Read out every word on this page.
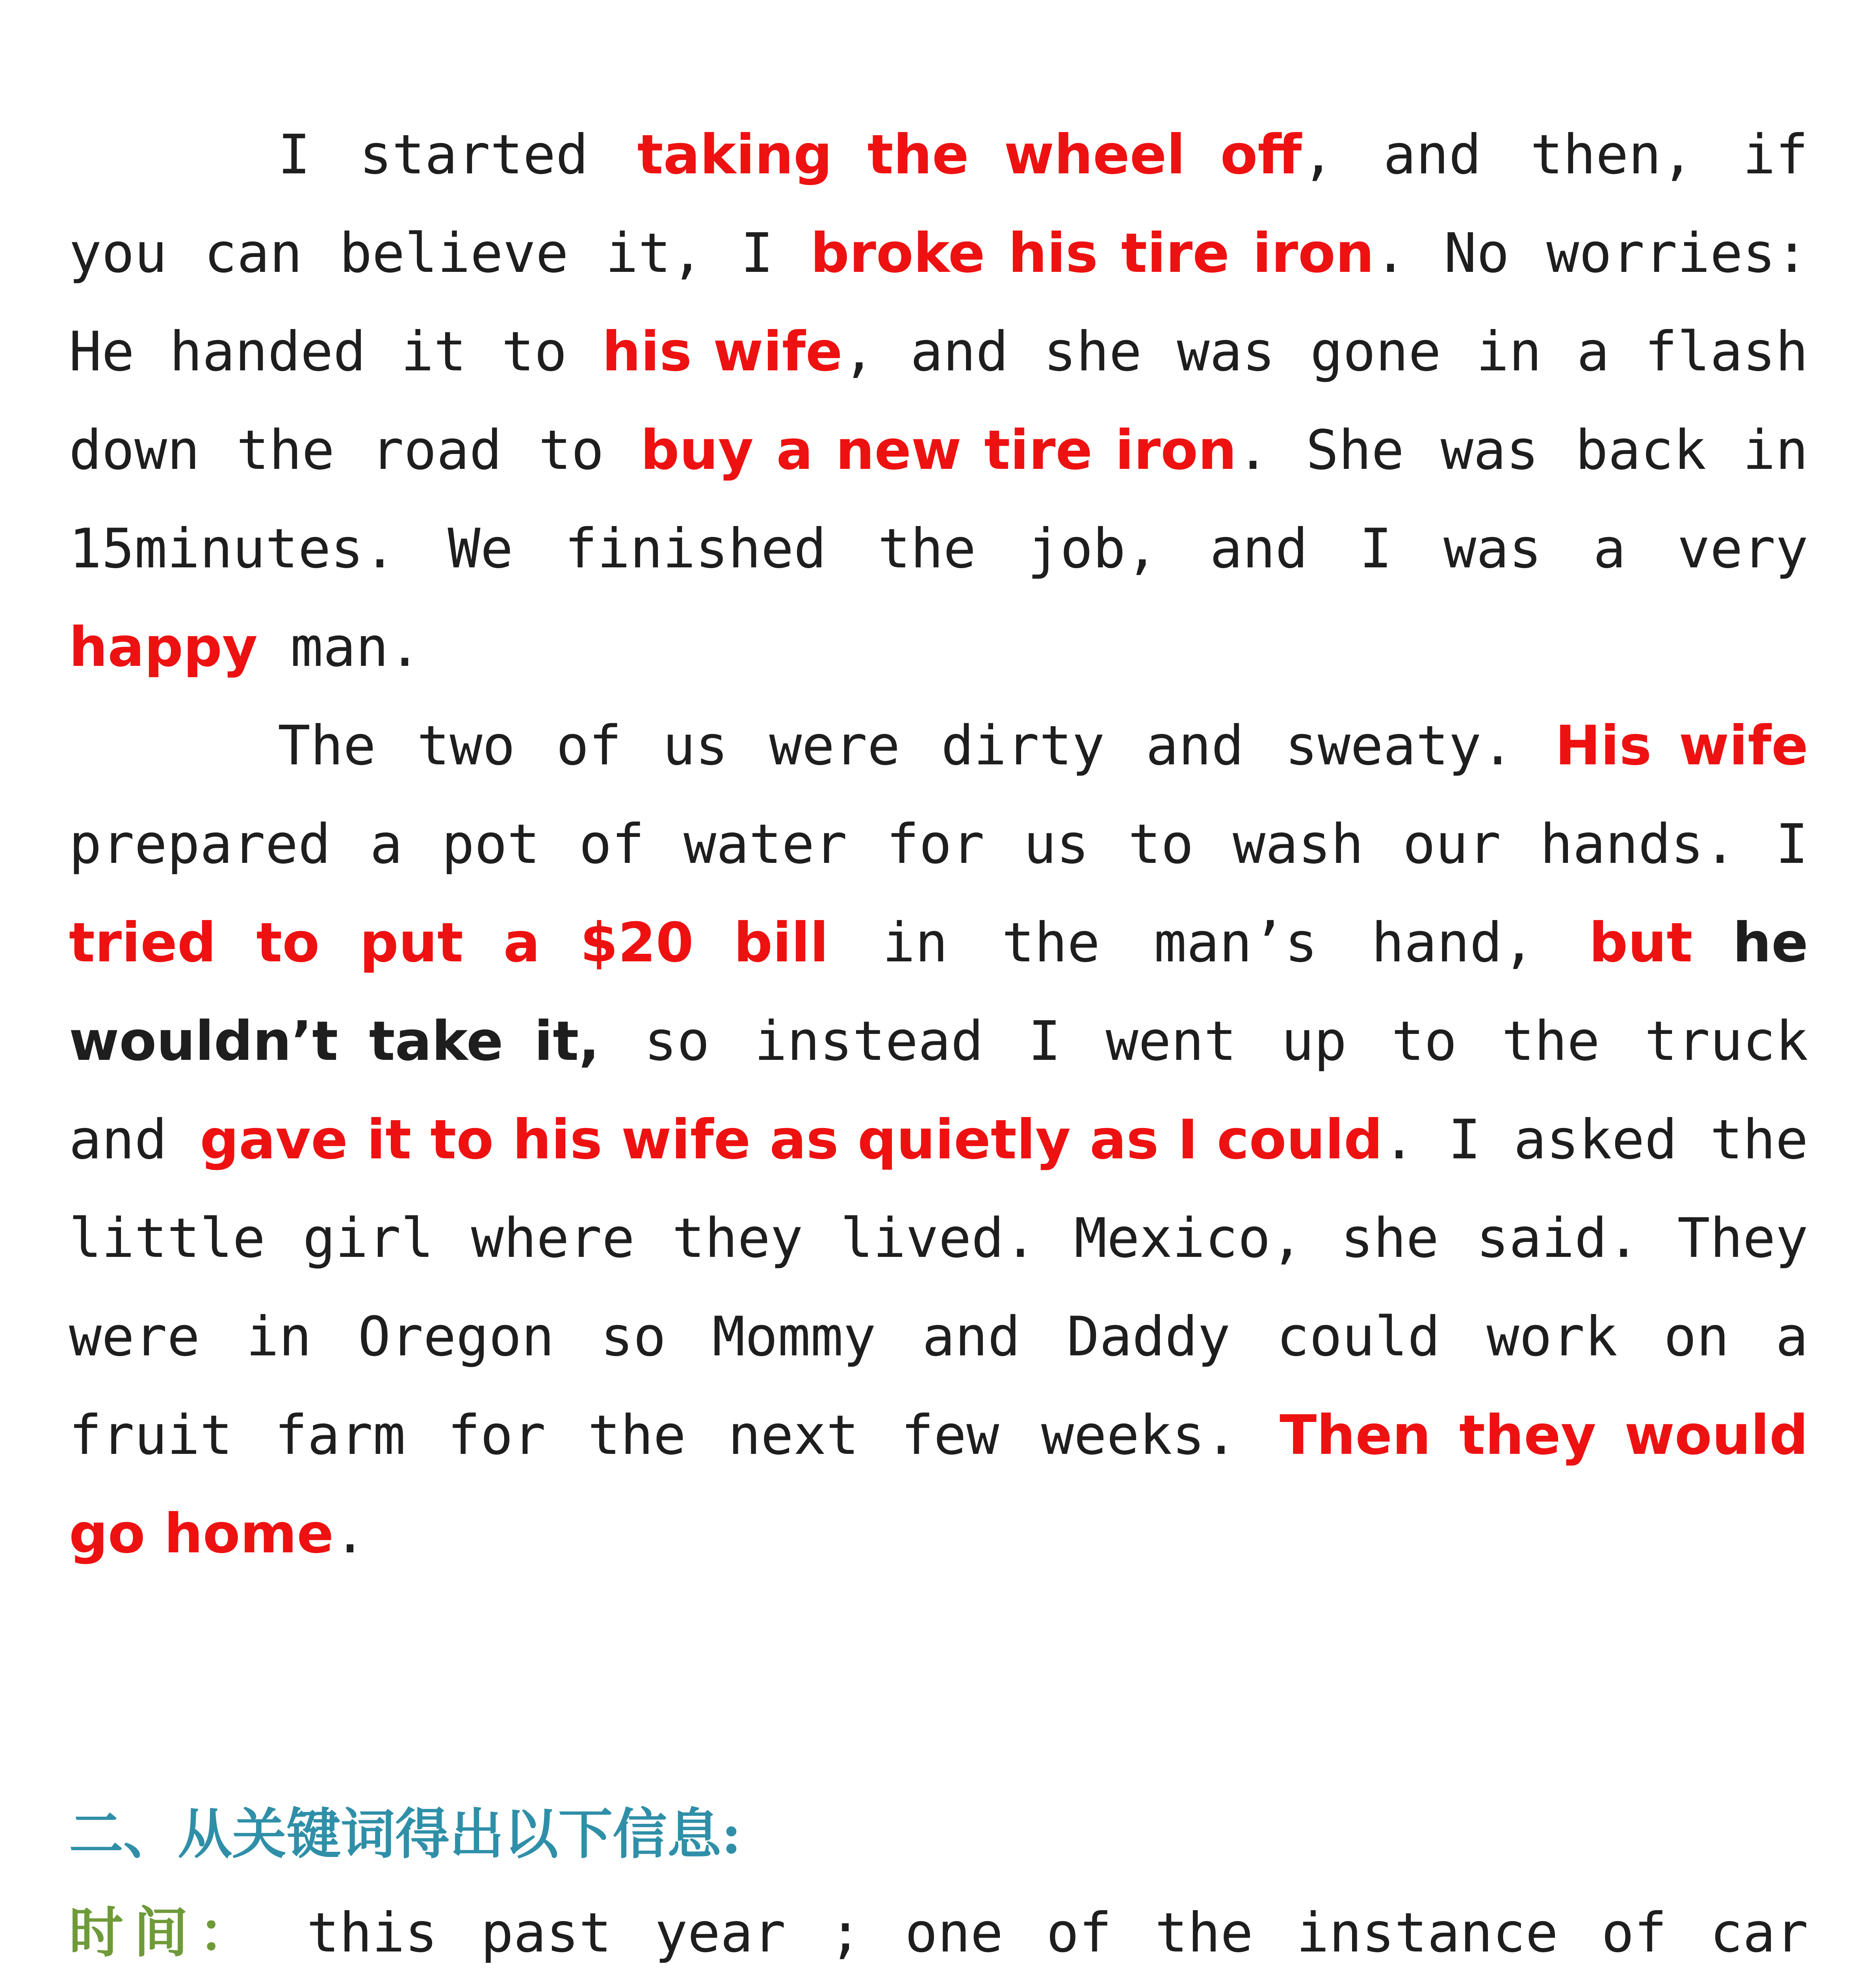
I started taking the wheel off, and then, if you can believe it, I broke his tire iron. No worries: He handed it to his wife, and she was gone in a flash down the road to buy a new tire iron. She was back in 15minutes. We finished the job, and I was a very happy man.

The two of us were dirty and sweaty. His wife prepared a pot of water for us to wash our hands. I tried to put a $20 bill in the man’s hand, but he wouldn’t take it, so instead I went up to the truck and gave it to his wife as quietly as I could. I asked the little girl where they lived. Mexico, she said. They were in Oregon so Mommy and Daddy could work on a fruit farm for the next few weeks. Then they would go home.

二、从关键词得出以下信息:

时间： this past year ; one of the instance of car
